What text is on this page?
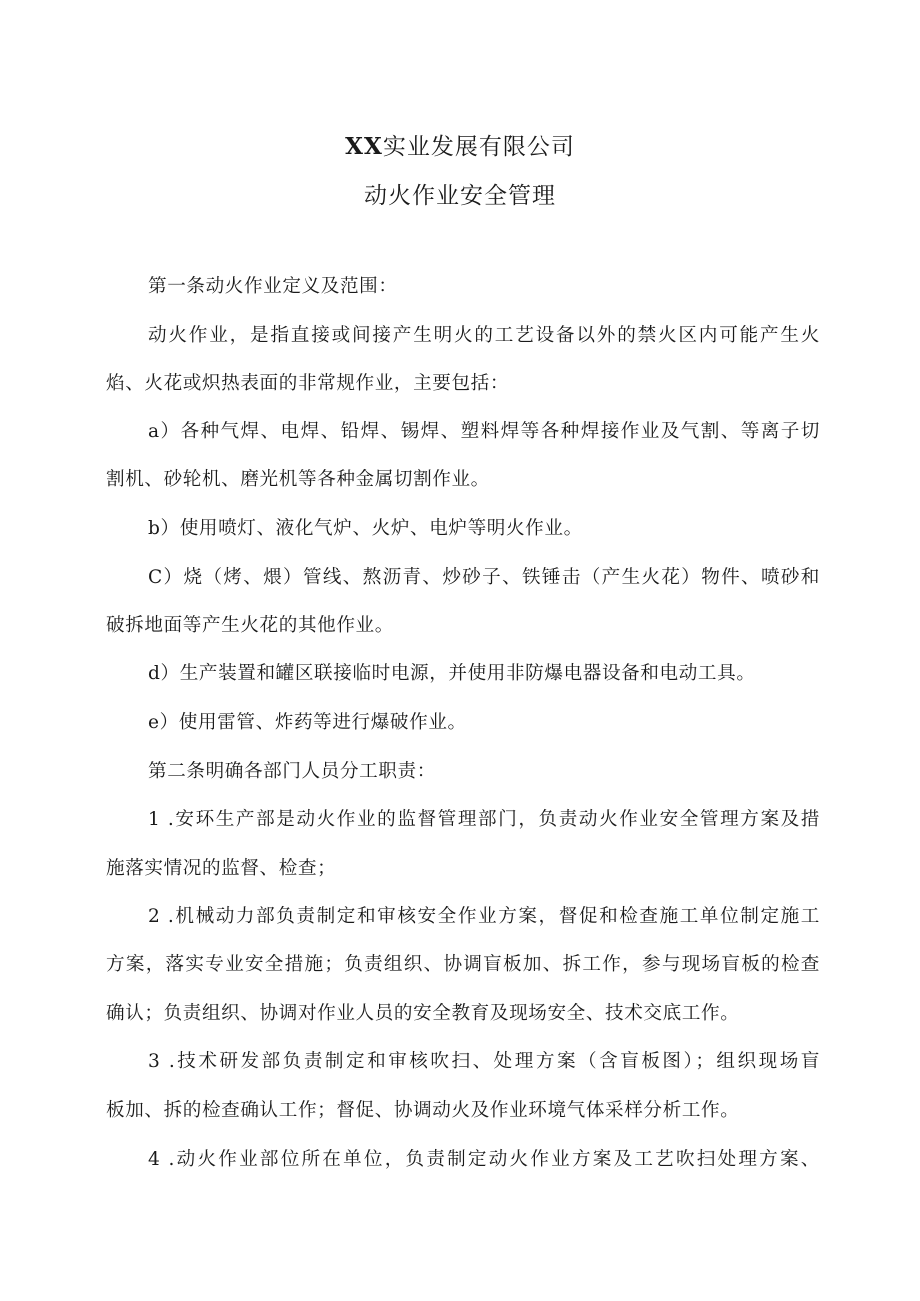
XX实业发展有限公司
动火作业安全管理
第一条动火作业定义及范围：
动火作业，是指直接或间接产生明火的工艺设备以外的禁火区内可能产生火
焰、火花或炽热表面的非常规作业，主要包括：
a）各种气焊、电焊、铅焊、锡焊、塑料焊等各种焊接作业及气割、等离子切
割机、砂轮机、磨光机等各种金属切割作业。
b）使用喷灯、液化气炉、火炉、电炉等明火作业。
C）烧（烤、煨）管线、熬沥青、炒砂子、铁锤击（产生火花）物件、喷砂和
破拆地面等产生火花的其他作业。
d）生产装置和罐区联接临时电源，并使用非防爆电器设备和电动工具。
e）使用雷管、炸药等进行爆破作业。
第二条明确各部门人员分工职责：
1 .安环生产部是动火作业的监督管理部门，负责动火作业安全管理方案及措
施落实情况的监督、检查；
2 .机械动力部负责制定和审核安全作业方案，督促和检查施工单位制定施工
方案，落实专业安全措施；负责组织、协调盲板加、拆工作，参与现场盲板的检查
确认；负责组织、协调对作业人员的安全教育及现场安全、技术交底工作。
3 .技术研发部负责制定和审核吹扫、处理方案（含盲板图）；组织现场盲
板加、拆的检查确认工作；督促、协调动火及作业环境气体采样分析工作。
4 .动火作业部位所在单位，负责制定动火作业方案及工艺吹扫处理方案、
